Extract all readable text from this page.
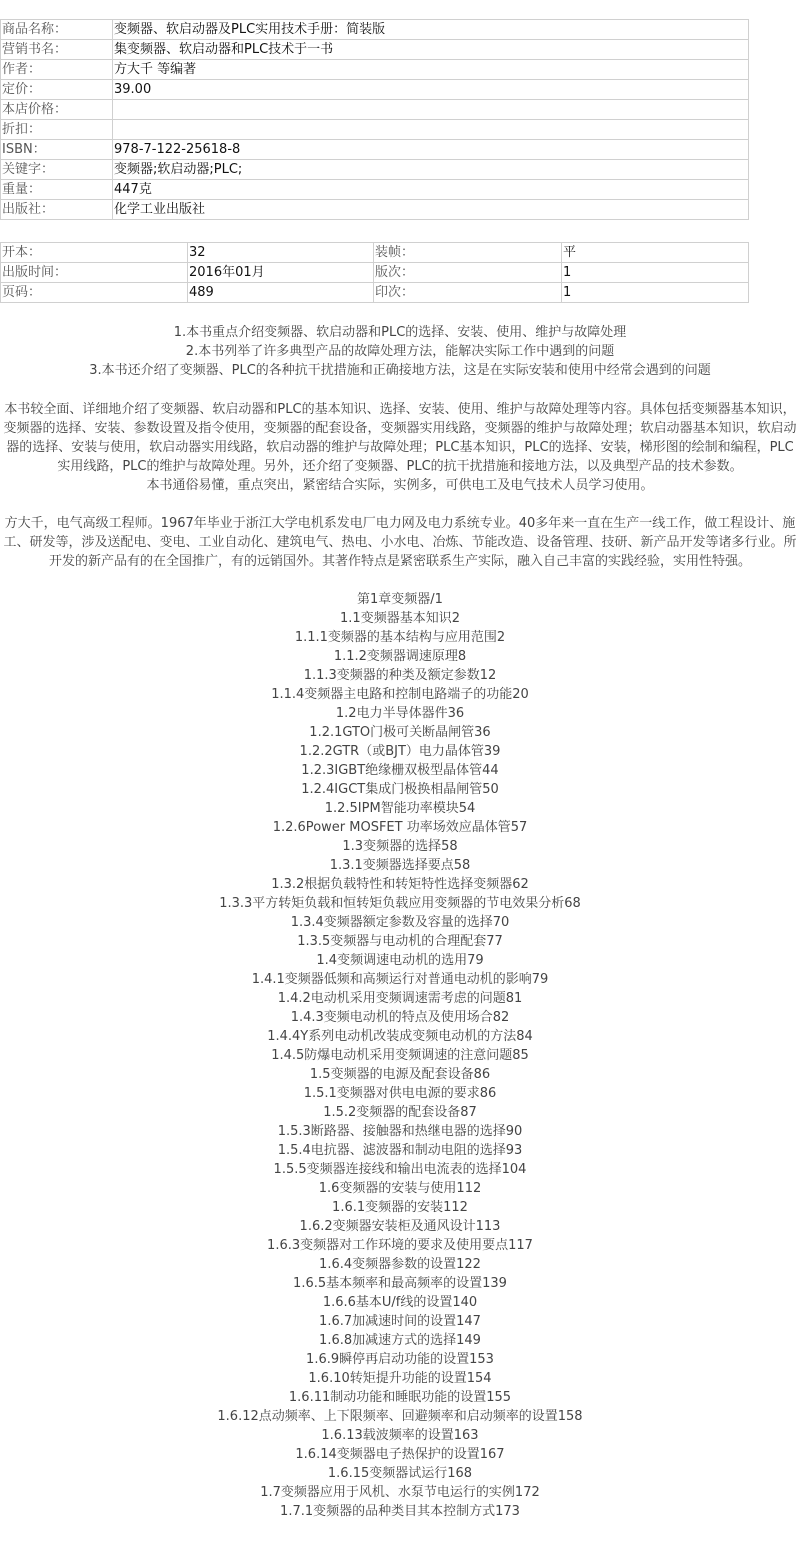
商品名称：	变频器、软启动器及PLC实用技术手册：简装版
营销书名：	集变频器、软启动器和PLC技术于一书
作者：	方大千 等编著
定价：	39.00
本店价格：	
折扣：	
ISBN：	978-7-122-25618-8
关键字：	变频器;软启动器;PLC;
重量：	447克
出版社：	化学工业出版社
开本：	32	装帧：	平
出版时间：	2016年01月	版次：	1
页码：	489	印次：	1
1.本书重点介绍变频器、软启动器和PLC的选择、安装、使用、维护与故障处理
2.本书列举了许多典型产品的故障处理方法，能解决实际工作中遇到的问题
3.本书还介绍了变频器、PLC的各种抗干扰措施和正确接地方法，这是在实际安装和使用中经常会遇到的问题
本书较全面、详细地介绍了变频器、软启动器和PLC的基本知识、选择、安装、使用、维护与故障处理等内容。具体包括变频器基本知识，变频器的选择、安装、参数设置及指令使用，变频器的配套设备，变频器实用线路，变频器的维护与故障处理；软启动器基本知识，软启动器的选择、安装与使用，软启动器实用线路，软启动器的维护与故障处理；PLC基本知识，PLC的选择、安装，梯形图的绘制和编程，PLC实用线路，PLC的维护与故障处理。另外，还介绍了变频器、PLC的抗干扰措施和接地方法，以及典型产品的技术参数。
本书通俗易懂，重点突出，紧密结合实际，实例多，可供电工及电气技术人员学习使用。
方大千，电气高级工程师。1967年毕业于浙江大学电机系发电厂电力网及电力系统专业。40多年来一直在生产一线工作，做工程设计、施工、研发等，涉及送配电、变电、工业自动化、建筑电气、热电、小水电、冶炼、节能改造、设备管理、技研、新产品开发等诸多行业。所开发的新产品有的在全国推广，有的远销国外。其著作特点是紧密联系生产实际，融入自己丰富的实践经验，实用性特强。
第1章变频器/1
1.1变频器基本知识2
1.1.1变频器的基本结构与应用范围2
1.1.2变频器调速原理8
1.1.3变频器的种类及额定参数12
1.1.4变频器主电路和控制电路端子的功能20
1.2电力半导体器件36
1.2.1GTO门极可关断晶闸管36
1.2.2GTR（或BJT）电力晶体管39
1.2.3IGBT绝缘栅双极型晶体管44
1.2.4IGCT集成门极换相晶闸管50
1.2.5IPM智能功率模块54
1.2.6Power MOSFET 功率场效应晶体管57
1.3变频器的选择58
1.3.1变频器选择要点58
1.3.2根据负载特性和转矩特性选择变频器62
1.3.3平方转矩负载和恒转矩负载应用变频器的节电效果分析68
1.3.4变频器额定参数及容量的选择70
1.3.5变频器与电动机的合理配套77
1.4变频调速电动机的选用79
1.4.1变频器低频和高频运行对普通电动机的影响79
1.4.2电动机采用变频调速需考虑的问题81
1.4.3变频电动机的特点及使用场合82
1.4.4Y系列电动机改装成变频电动机的方法84
1.4.5防爆电动机采用变频调速的注意问题85
1.5变频器的电源及配套设备86
1.5.1变频器对供电电源的要求86
1.5.2变频器的配套设备87
1.5.3断路器、接触器和热继电器的选择90
1.5.4电抗器、滤波器和制动电阻的选择93
1.5.5变频器连接线和输出电流表的选择104
1.6变频器的安装与使用112
1.6.1变频器的安装112
1.6.2变频器安装柜及通风设计113
1.6.3变频器对工作环境的要求及使用要点117
1.6.4变频器参数的设置122
1.6.5基本频率和最高频率的设置139
1.6.6基本U/f线的设置140
1.6.7加减速时间的设置147
1.6.8加减速方式的选择149
1.6.9瞬停再启动功能的设置153
1.6.10转矩提升功能的设置154
1.6.11制动功能和睡眠功能的设置155
1.6.12点动频率、上下限频率、回避频率和启动频率的设置158
1.6.13载波频率的设置163
1.6.14变频器电子热保护的设置167
1.6.15变频器试运行168
1.7变频器应用于风机、水泵节电运行的实例172
1.7.1变频器的品种类目其本控制方式173
